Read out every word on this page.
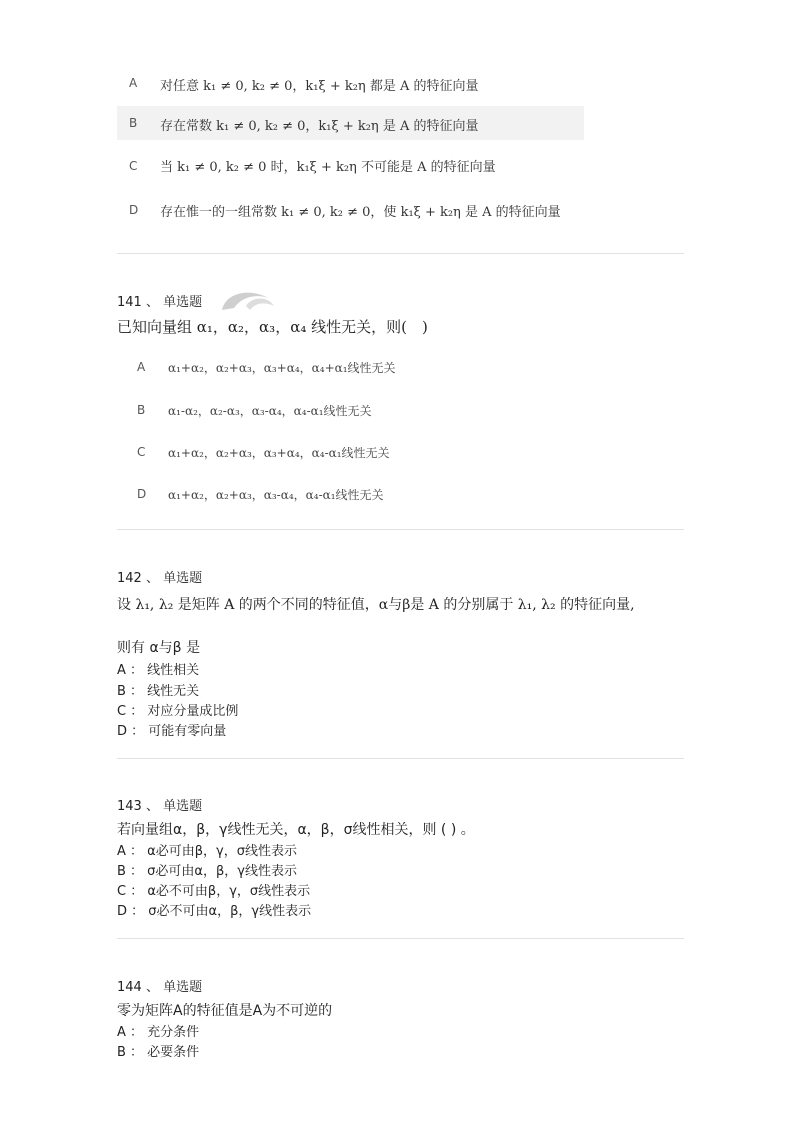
A 对任意 k₁ ≠ 0, k₂ ≠ 0，k₁ξ + k₂η 都是 A 的特征向量
B 存在常数 k₁ ≠ 0, k₂ ≠ 0，k₁ξ + k₂η 是 A 的特征向量
C 当 k₁ ≠ 0, k₂ ≠ 0 时，k₁ξ + k₂η 不可能是 A 的特征向量
D 存在惟一的一组常数 k₁ ≠ 0, k₂ ≠ 0，使 k₁ξ + k₂η 是 A 的特征向量
141 、 单选题
已知向量组 α₁，α₂，α₃，α₄ 线性无关，则(　)
A α₁+α₂，α₂+α₃，α₃+α₄，α₄+α₁线性无关
B α₁-α₂，α₂-α₃，α₃-α₄，α₄-α₁线性无关
C α₁+α₂，α₂+α₃，α₃+α₄，α₄-α₁线性无关
D α₁+α₂，α₂+α₃，α₃-α₄，α₄-α₁线性无关
142 、 单选题
设 λ₁, λ₂ 是矩阵 A 的两个不同的特征值，α与β是 A 的分别属于 λ₁, λ₂ 的特征向量,
则有 α与β 是
A ： 线性相关
B ： 线性无关
C ： 对应分量成比例
D ： 可能有零向量
143 、 单选题
若向量组α，β，γ线性无关，α，β，σ线性相关，则 ( ) 。
A ： α必可由β，γ，σ线性表示
B ： σ必可由α，β，γ线性表示
C ： α必不可由β，γ，σ线性表示
D ： σ必不可由α，β，γ线性表示
144 、 单选题
零为矩阵A的特征值是A为不可逆的
A ： 充分条件
B ： 必要条件
